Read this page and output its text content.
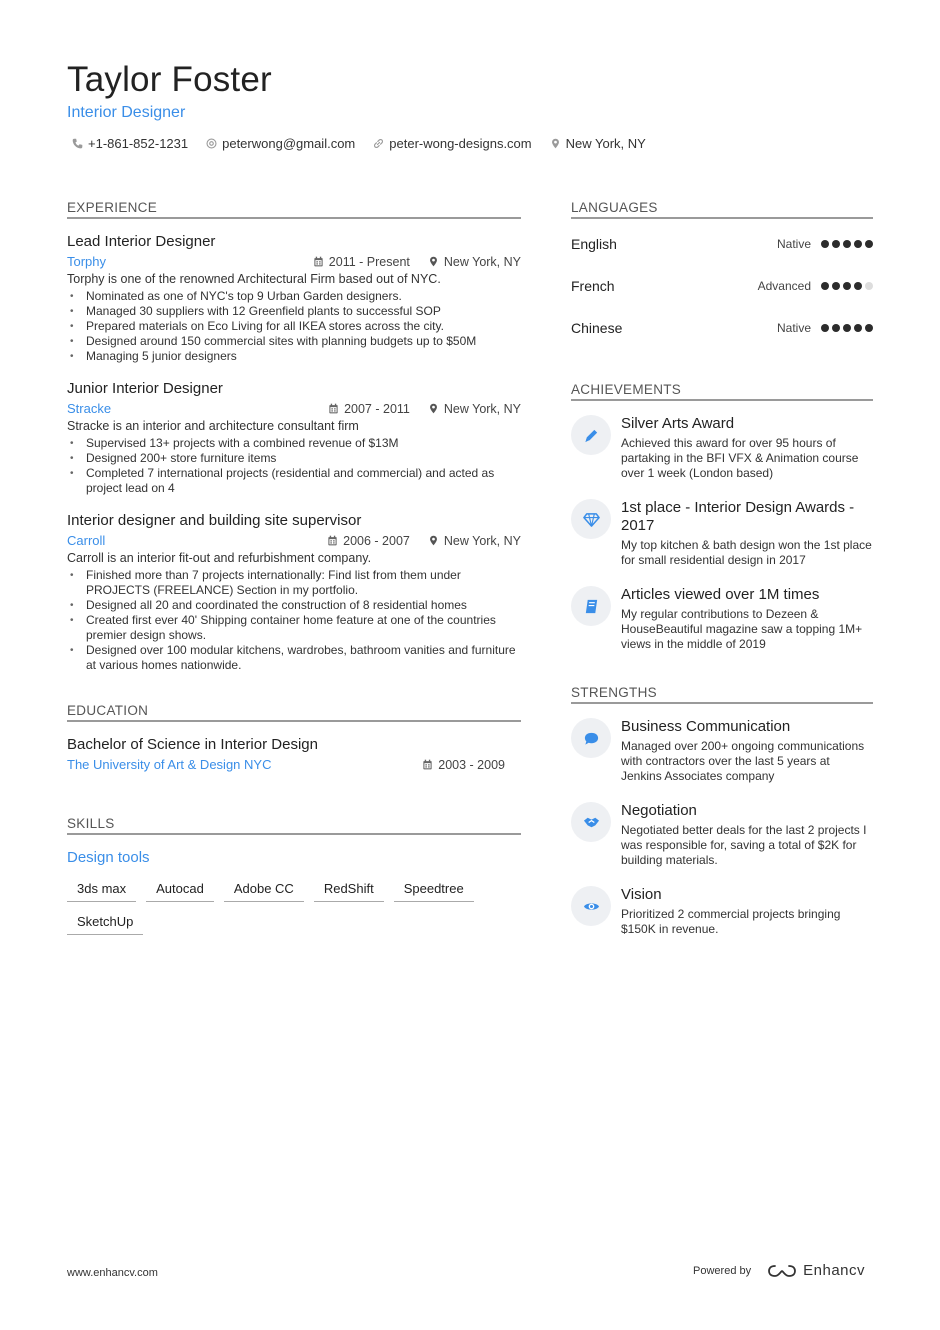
Taylor Foster
Interior Designer
+1-861-852-1231	peterwong@gmail.com	peter-wong-designs.com	New York, NY
EXPERIENCE
Lead Interior Designer
Torphy	2011 - Present	New York, NY
Torphy is one of the renowned Architectural Firm based out of NYC.
• Nominated as one of NYC's top 9 Urban Garden designers.
• Managed 30 suppliers with 12 Greenfield plants to successful SOP
• Prepared materials on Eco Living for all IKEA stores across the city.
• Designed around 150 commercial sites with planning budgets up to $50M
• Managing 5 junior designers
Junior Interior Designer
Stracke	2007 - 2011	New York, NY
Stracke is an interior and architecture consultant firm
• Supervised 13+ projects with a combined revenue of $13M
• Designed 200+ store furniture items
• Completed 7 international projects (residential and commercial) and acted as project lead on 4
Interior designer and building site supervisor
Carroll	2006 - 2007	New York, NY
Carroll is an interior fit-out and refurbishment company.
• Finished more than 7 projects internationally: Find list from them under PROJECTS (FREELANCE) Section in my portfolio.
• Designed all 20 and coordinated the construction of 8 residential homes
• Created first ever 40' Shipping container home feature at one of the countries premier design shows.
• Designed over 100 modular kitchens, wardrobes, bathroom vanities and furniture at various homes nationwide.
EDUCATION
Bachelor of Science in Interior Design
The University of Art & Design NYC	2003 - 2009
SKILLS
Design tools
3ds max	Autocad	Adobe CC	RedShift	Speedtree
SketchUp
LANGUAGES
English	Native
French	Advanced
Chinese	Native
ACHIEVEMENTS
Silver Arts Award
Achieved this award for over 95 hours of partaking in the BFI VFX & Animation course over 1 week (London based)
1st place - Interior Design Awards - 2017
My top kitchen & bath design won the 1st place for small residential design in 2017
Articles viewed over 1M times
My regular contributions to Dezeen & HouseBeautiful magazine saw a topping 1M+ views in the middle of 2019
STRENGTHS
Business Communication
Managed over 200+ ongoing communications with contractors over the last 5 years at Jenkins Associates company
Negotiation
Negotiated better deals for the last 2 projects I was responsible for, saving a total of $2K for building materials.
Vision
Prioritized 2 commercial projects bringing $150K in revenue.
www.enhancv.com	Powered by	Enhancv
